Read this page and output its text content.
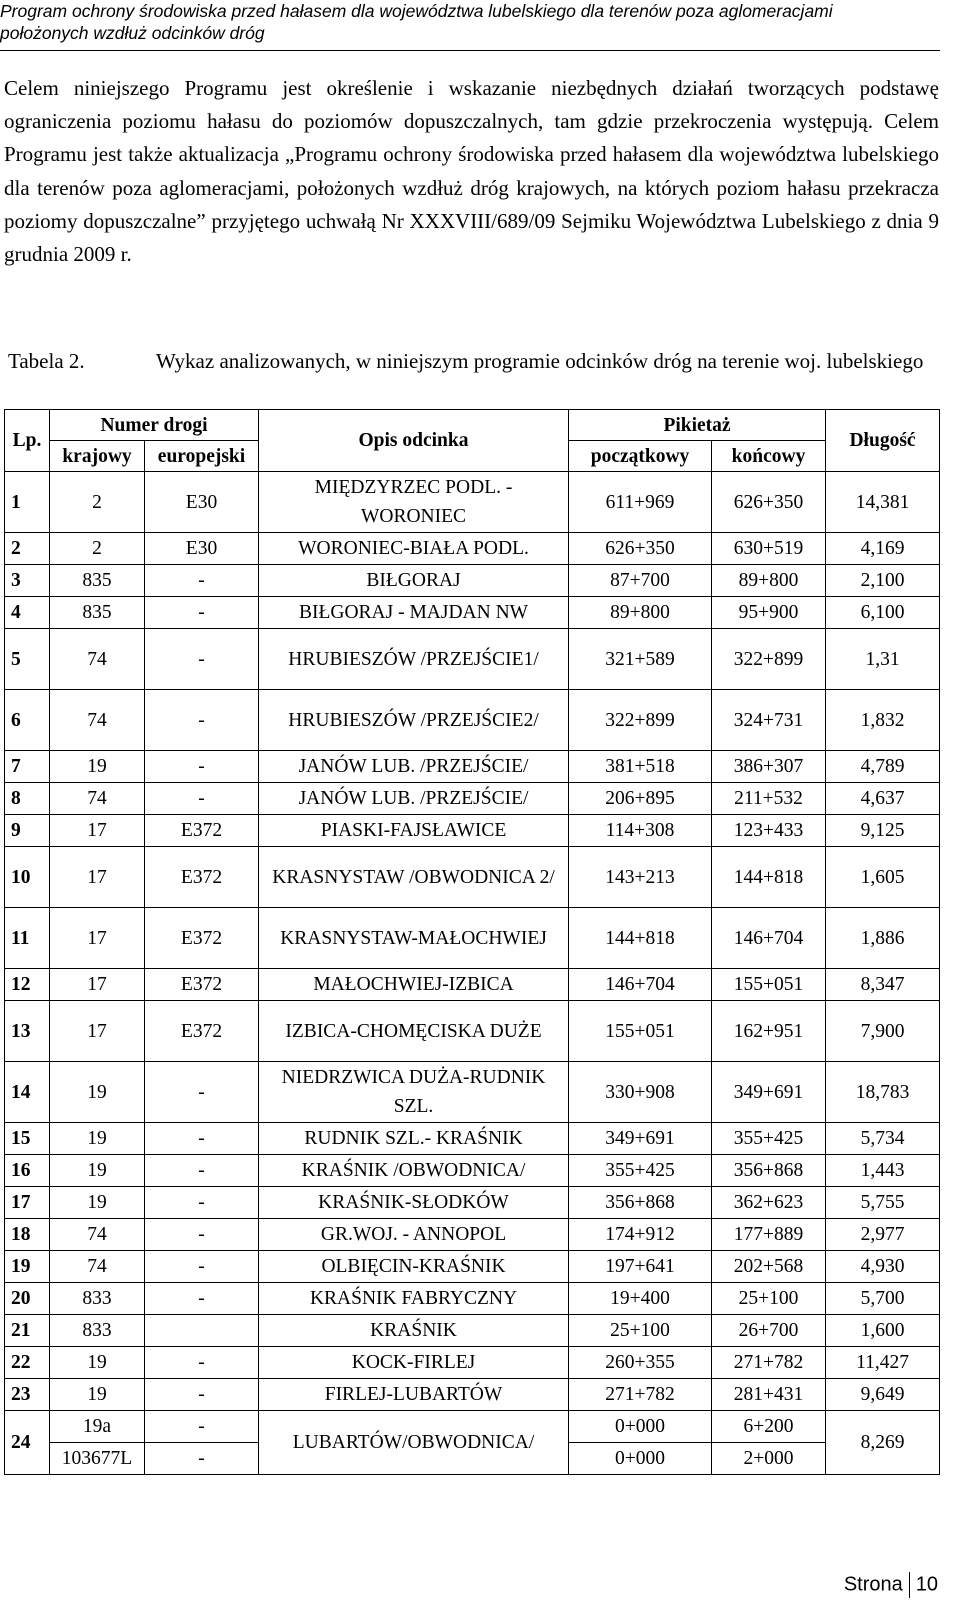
Program ochrony środowiska przed hałasem dla województwa lubelskiego dla terenów poza aglomeracjami
położonych wzdłuż odcinków dróg
Celem niniejszego Programu jest określenie i wskazanie niezbędnych działań tworzących podstawę ograniczenia poziomu hałasu do poziomów dopuszczalnych, tam gdzie przekroczenia występują. Celem Programu jest także aktualizacja „Programu ochrony środowiska przed hałasem dla województwa lubelskiego dla terenów poza aglomeracjami, położonych wzdłuż dróg krajowych, na których poziom hałasu przekracza poziomy dopuszczalne” przyjętego uchwałą Nr XXXVIII/689/09 Sejmiku Województwa Lubelskiego z dnia 9 grudnia 2009 r.
Tabela 2.	Wykaz analizowanych, w niniejszym programie odcinków dróg na terenie woj. lubelskiego
Lp.	Numer drogi		Opis odcinka	Pikietaż		Długość
	krajowy	europejski		początkowy	końcowy	
1	2	E30	MIĘDZYRZEC PODL. - WORONIEC	611+969	626+350	14,381
2	2	E30	WORONIEC-BIAŁA PODL.	626+350	630+519	4,169
3	835	-	BIŁGORAJ	87+700	89+800	2,100
4	835	-	BIŁGORAJ - MAJDAN NW	89+800	95+900	6,100
5	74	-	HRUBIESZÓW /PRZEJŚCIE1/	321+589	322+899	1,31
6	74	-	HRUBIESZÓW /PRZEJŚCIE2/	322+899	324+731	1,832
7	19	-	JANÓW LUB. /PRZEJŚCIE/	381+518	386+307	4,789
8	74	-	JANÓW LUB. /PRZEJŚCIE/	206+895	211+532	4,637
9	17	E372	PIASKI-FAJSŁAWICE	114+308	123+433	9,125
10	17	E372	KRASNYSTAW /OBWODNICA 2/	143+213	144+818	1,605
11	17	E372	KRASNYSTAW-MAŁOCHWIEJ	144+818	146+704	1,886
12	17	E372	MAŁOCHWIEJ-IZBICA	146+704	155+051	8,347
13	17	E372	IZBICA-CHOMĘCISKA DUŻE	155+051	162+951	7,900
14	19	-	NIEDRZWICA DUŻA-RUDNIK SZL.	330+908	349+691	18,783
15	19	-	RUDNIK SZL.- KRAŚNIK	349+691	355+425	5,734
16	19	-	KRAŚNIK /OBWODNICA/	355+425	356+868	1,443
17	19	-	KRAŚNIK-SŁODKÓW	356+868	362+623	5,755
18	74	-	GR.WOJ. - ANNOPOL	174+912	177+889	2,977
19	74	-	OLBIĘCIN-KRAŚNIK	197+641	202+568	4,930
20	833	-	KRAŚNIK FABRYCZNY	19+400	25+100	5,700
21	833		KRAŚNIK	25+100	26+700	1,600
22	19	-	KOCK-FIRLEJ	260+355	271+782	11,427
23	19	-	FIRLEJ-LUBARTÓW	271+782	281+431	9,649
24	19a	-	LUBARTÓW/OBWODNICA/	0+000	6+200	8,269
	103677L	-		0+000	2+000	
Strona 10
